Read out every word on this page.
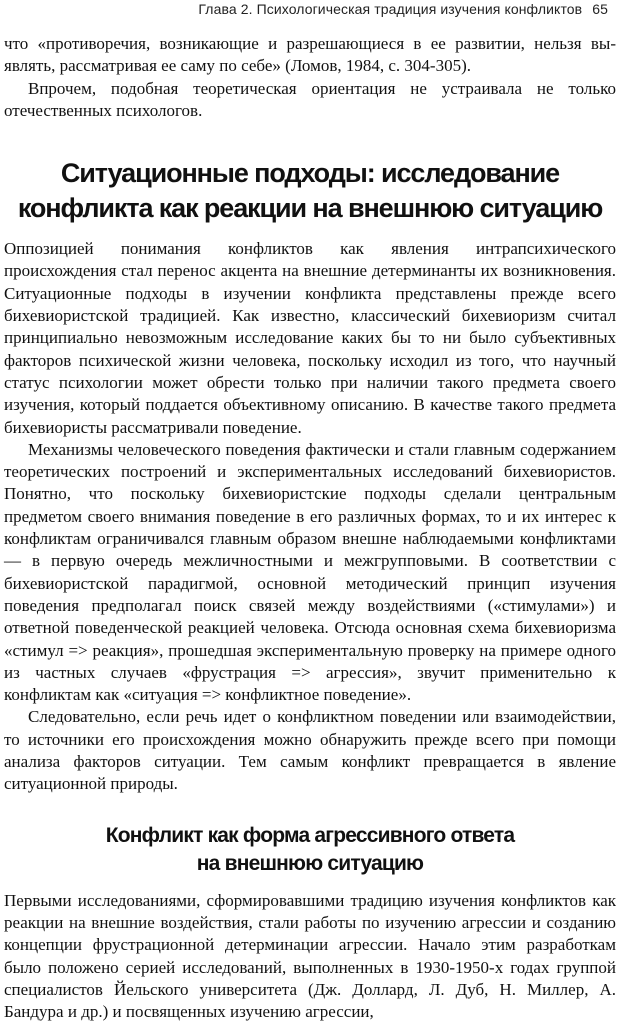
Глава 2. Психологическая традиция изучения конфликтов 65

что «противоречия, возникающие и разрешающиеся в ее развитии, нельзя вы-являть, рассматривая ее саму по себе» (Ломов, 1984, с. 304-305).

Впрочем, подобная теоретическая ориентация не устраивала не только отечественных психологов.

Ситуационные подходы: исследование
конфликта как реакции на внешнюю ситуацию

Оппозицией понимания конфликтов как явления интрапсихического происхождения стал перенос акцента на внешние детерминанты их возникновения. Ситуационные подходы в изучении конфликта представлены прежде всего бихевиористской традицией. Как известно, классический бихевиоризм считал принципиально невозможным исследование каких бы то ни было субъективных факторов психической жизни человека, поскольку исходил из того, что научный статус психологии может обрести только при наличии такого предмета своего изучения, который поддается объективному описанию. В качестве такого предмета бихевиористы рассматривали поведение.

Механизмы человеческого поведения фактически и стали главным содержанием теоретических построений и экспериментальных исследований бихевиористов. Понятно, что поскольку бихевиористские подходы сделали центральным предметом своего внимания поведение в его различных формах, то и их интерес к конфликтам ограничивался главным образом внешне наблюдаемыми конфликтами — в первую очередь межличностными и межгрупповыми. В соответствии с бихевиористской парадигмой, основной методический принцип изучения поведения предполагал поиск связей между воздействиями («стимулами») и ответной поведенческой реакцией человека. Отсюда основная схема бихевиоризма «стимул => реакция», прошедшая экспериментальную проверку на примере одного из частных случаев «фрустрация => агрессия», звучит применительно к конфликтам как «ситуация => конфликтное поведение».

Следовательно, если речь идет о конфликтном поведении или взаимодействии, то источники его происхождения можно обнаружить прежде всего при помощи анализа факторов ситуации. Тем самым конфликт превращается в явление ситуационной природы.

Конфликт как форма агрессивного ответа
на внешнюю ситуацию

Первыми исследованиями, сформировавшими традицию изучения конфликтов как реакции на внешние воздействия, стали работы по изучению агрессии и созданию концепции фрустрационной детерминации агрессии. Начало этим разработкам было положено серией исследований, выполненных в 1930-1950-х годах группой специалистов Йельского университета (Дж. Доллард, Л. Дуб, Н. Миллер, А. Бандура и др.) и посвященных изучению агрессии,
